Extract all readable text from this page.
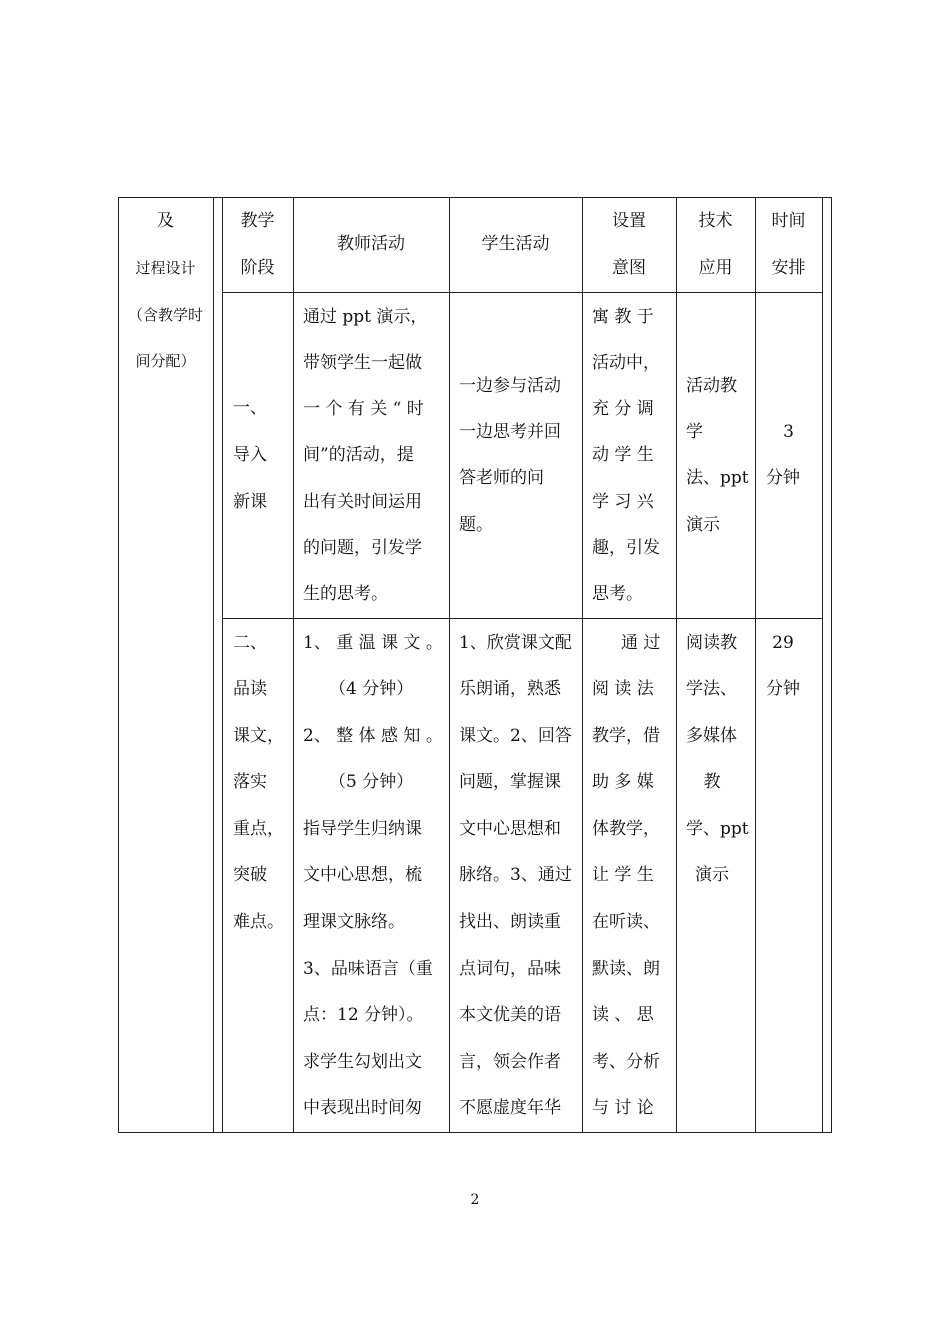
及
过程设计
（含教学时
间分配）
教学
阶段
教师活动	学生活动
设置
意图
技术
应用
时间
安排
一、
导入
新课
通过 ppt 演示，
带领学生一起做
一 个 有 关 “ 时
间”的活动，提
出有关时间运用
的问题，引发学
生的思考。
一边参与活动
一边思考并回
答老师的问
题。
寓 教 于
活动中，
充 分 调
动 学 生
学 习 兴
趣，引发
思考。
活动教
学
法、ppt
演示
3
分钟
二、
品读
课文，
落实
重点，
突破
难点。
1、 重 温 课 文 。
（4 分钟）
2、 整 体 感 知 。
（5 分钟）
指导学生归纳课
文中心思想，梳
理课文脉络。
3、品味语言（重
点：12 分钟）。
求学生勾划出文
中表现出时间匆
1、欣赏课文配
乐朗诵，熟悉
课文。2、回答
问题，掌握课
文中心思想和
脉络。3、通过
找出、朗读重
点词句，品味
本文优美的语
言，领会作者
不愿虚度年华
通 过
阅 读 法
教学，借
助 多 媒
体教学，
让 学 生
在听读、
默读、朗
读 、 思
考、分析
与 讨 论
阅读教
学法、
多媒体
教
学、ppt
演示
29
分钟
2
